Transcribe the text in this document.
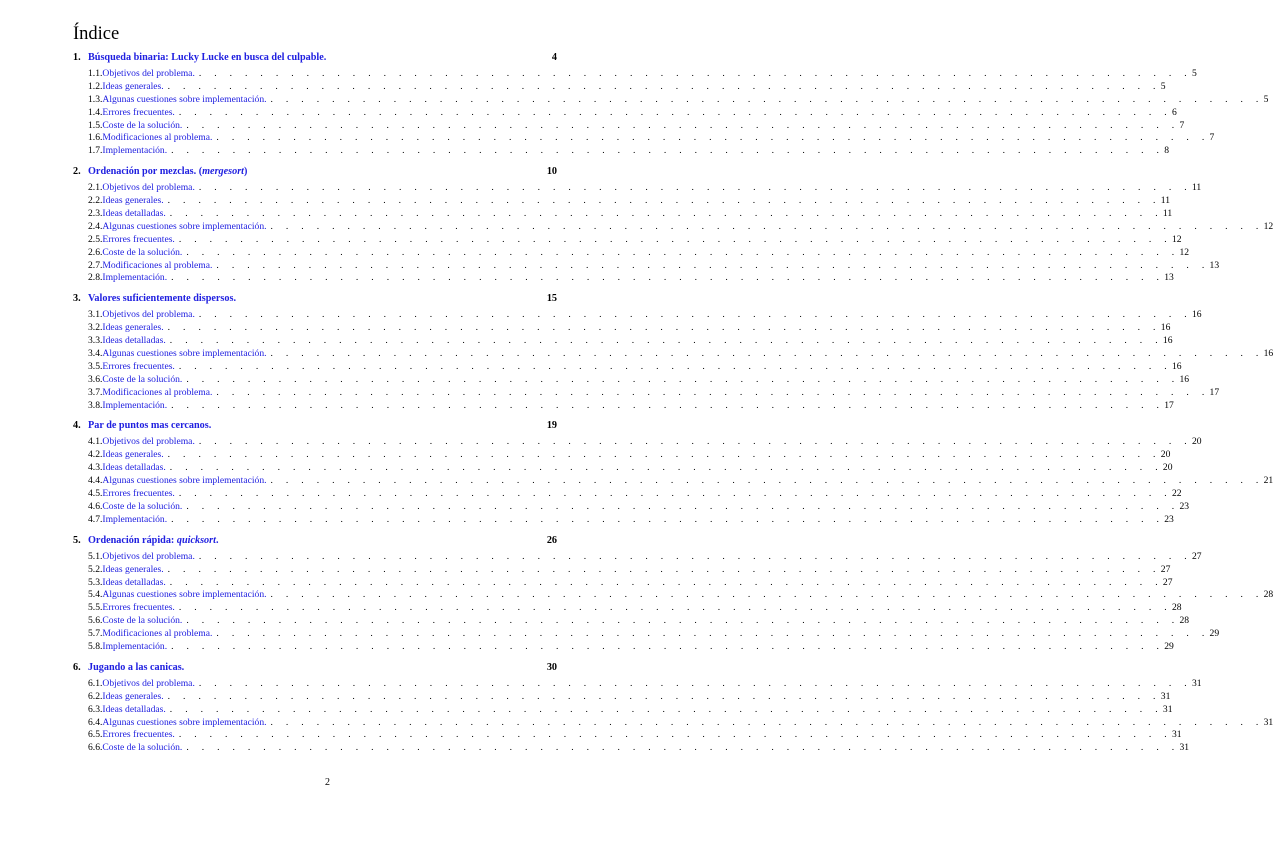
Índice
1. Búsqueda binaria: Lucky Lucke en busca del culpable.	4
1.1. Objetivos del problema. . . . . . . . . . . . . . . . . . . . . . . . . . . . . . . . . . . . . . . . . . . . . . . . . . . . . . . . . . . . . . . . . . 5
1.2. Ideas generales. . . . . . . . . . . . . . . . . . . . . . . . . . . . . . . . . . . . . . . . . . . . . . . . . . . . . . . . . . . . . . . . . . 5
1.3. Algunas cuestiones sobre implementación. . . . . . . . . . . . . . . . . . . . . . . . . . . . . . . . . . . . . . . . . . . . . . . . . . . . . . . . . . . . . . . . . . 5
1.4. Errores frecuentes. . . . . . . . . . . . . . . . . . . . . . . . . . . . . . . . . . . . . . . . . . . . . . . . . . . . . . . . . . . . . . . . . . 6
1.5. Coste de la solución. . . . . . . . . . . . . . . . . . . . . . . . . . . . . . . . . . . . . . . . . . . . . . . . . . . . . . . . . . . . . . . . . . 7
1.6. Modificaciones al problema. . . . . . . . . . . . . . . . . . . . . . . . . . . . . . . . . . . . . . . . . . . . . . . . . . . . . . . . . . . . . . . . . . 7
1.7. Implementación. . . . . . . . . . . . . . . . . . . . . . . . . . . . . . . . . . . . . . . . . . . . . . . . . . . . . . . . . . . . . . . . . . 8
2. Ordenación por mezclas. (mergesort)	10
2.1. Objetivos del problema. . . . . . . . . . . . . . . . . . . . . . . . . . . . . . . . . . . . . . . . . . . . . . . . . . . . . . . . . . . . . . . . . . 11
2.2. Ideas generales. . . . . . . . . . . . . . . . . . . . . . . . . . . . . . . . . . . . . . . . . . . . . . . . . . . . . . . . . . . . . . . . . . 11
2.3. Ideas detalladas. . . . . . . . . . . . . . . . . . . . . . . . . . . . . . . . . . . . . . . . . . . . . . . . . . . . . . . . . . . . . . . . . . 11
2.4. Algunas cuestiones sobre implementación. . . . . . . . . . . . . . . . . . . . . . . . . . . . . . . . . . . . . . . . . . . . . . . . . . . . . . . . . . . . . . . . . . 12
2.5. Errores frecuentes. . . . . . . . . . . . . . . . . . . . . . . . . . . . . . . . . . . . . . . . . . . . . . . . . . . . . . . . . . . . . . . . . . 12
2.6. Coste de la solución. . . . . . . . . . . . . . . . . . . . . . . . . . . . . . . . . . . . . . . . . . . . . . . . . . . . . . . . . . . . . . . . . . 12
2.7. Modificaciones al problema. . . . . . . . . . . . . . . . . . . . . . . . . . . . . . . . . . . . . . . . . . . . . . . . . . . . . . . . . . . . . . . . . . 13
2.8. Implementación. . . . . . . . . . . . . . . . . . . . . . . . . . . . . . . . . . . . . . . . . . . . . . . . . . . . . . . . . . . . . . . . . . 13
3. Valores suficientemente dispersos.	15
3.1. Objetivos del problema. . . . . . . . . . . . . . . . . . . . . . . . . . . . . . . . . . . . . . . . . . . . . . . . . . . . . . . . . . . . . . . . . . 16
3.2. Ideas generales. . . . . . . . . . . . . . . . . . . . . . . . . . . . . . . . . . . . . . . . . . . . . . . . . . . . . . . . . . . . . . . . . . 16
3.3. Ideas detalladas. . . . . . . . . . . . . . . . . . . . . . . . . . . . . . . . . . . . . . . . . . . . . . . . . . . . . . . . . . . . . . . . . . 16
3.4. Algunas cuestiones sobre implementación. . . . . . . . . . . . . . . . . . . . . . . . . . . . . . . . . . . . . . . . . . . . . . . . . . . . . . . . . . . . . . . . . . 16
3.5. Errores frecuentes. . . . . . . . . . . . . . . . . . . . . . . . . . . . . . . . . . . . . . . . . . . . . . . . . . . . . . . . . . . . . . . . . . 16
3.6. Coste de la solución. . . . . . . . . . . . . . . . . . . . . . . . . . . . . . . . . . . . . . . . . . . . . . . . . . . . . . . . . . . . . . . . . . 16
3.7. Modificaciones al problema. . . . . . . . . . . . . . . . . . . . . . . . . . . . . . . . . . . . . . . . . . . . . . . . . . . . . . . . . . . . . . . . . . 17
3.8. Implementación. . . . . . . . . . . . . . . . . . . . . . . . . . . . . . . . . . . . . . . . . . . . . . . . . . . . . . . . . . . . . . . . . . 17
4. Par de puntos mas cercanos.	19
4.1. Objetivos del problema. . . . . . . . . . . . . . . . . . . . . . . . . . . . . . . . . . . . . . . . . . . . . . . . . . . . . . . . . . . . . . . . . . 20
4.2. Ideas generales. . . . . . . . . . . . . . . . . . . . . . . . . . . . . . . . . . . . . . . . . . . . . . . . . . . . . . . . . . . . . . . . . . 20
4.3. Ideas detalladas. . . . . . . . . . . . . . . . . . . . . . . . . . . . . . . . . . . . . . . . . . . . . . . . . . . . . . . . . . . . . . . . . . 20
4.4. Algunas cuestiones sobre implementación. . . . . . . . . . . . . . . . . . . . . . . . . . . . . . . . . . . . . . . . . . . . . . . . . . . . . . . . . . . . . . . . . . 21
4.5. Errores frecuentes. . . . . . . . . . . . . . . . . . . . . . . . . . . . . . . . . . . . . . . . . . . . . . . . . . . . . . . . . . . . . . . . . . 22
4.6. Coste de la solución. . . . . . . . . . . . . . . . . . . . . . . . . . . . . . . . . . . . . . . . . . . . . . . . . . . . . . . . . . . . . . . . . . 23
4.7. Implementación. . . . . . . . . . . . . . . . . . . . . . . . . . . . . . . . . . . . . . . . . . . . . . . . . . . . . . . . . . . . . . . . . . 23
5. Ordenación rápida: quicksort.	26
5.1. Objetivos del problema. . . . . . . . . . . . . . . . . . . . . . . . . . . . . . . . . . . . . . . . . . . . . . . . . . . . . . . . . . . . . . . . . . 27
5.2. Ideas generales. . . . . . . . . . . . . . . . . . . . . . . . . . . . . . . . . . . . . . . . . . . . . . . . . . . . . . . . . . . . . . . . . . 27
5.3. Ideas detalladas. . . . . . . . . . . . . . . . . . . . . . . . . . . . . . . . . . . . . . . . . . . . . . . . . . . . . . . . . . . . . . . . . . 27
5.4. Algunas cuestiones sobre implementación. . . . . . . . . . . . . . . . . . . . . . . . . . . . . . . . . . . . . . . . . . . . . . . . . . . . . . . . . . . . . . . . . . 28
5.5. Errores frecuentes. . . . . . . . . . . . . . . . . . . . . . . . . . . . . . . . . . . . . . . . . . . . . . . . . . . . . . . . . . . . . . . . . . 28
5.6. Coste de la solución. . . . . . . . . . . . . . . . . . . . . . . . . . . . . . . . . . . . . . . . . . . . . . . . . . . . . . . . . . . . . . . . . . 28
5.7. Modificaciones al problema. . . . . . . . . . . . . . . . . . . . . . . . . . . . . . . . . . . . . . . . . . . . . . . . . . . . . . . . . . . . . . . . . . 29
5.8. Implementación. . . . . . . . . . . . . . . . . . . . . . . . . . . . . . . . . . . . . . . . . . . . . . . . . . . . . . . . . . . . . . . . . . 29
6. Jugando a las canicas.	30
6.1. Objetivos del problema. . . . . . . . . . . . . . . . . . . . . . . . . . . . . . . . . . . . . . . . . . . . . . . . . . . . . . . . . . . . . . . . . . 31
6.2. Ideas generales. . . . . . . . . . . . . . . . . . . . . . . . . . . . . . . . . . . . . . . . . . . . . . . . . . . . . . . . . . . . . . . . . . 31
6.3. Ideas detalladas. . . . . . . . . . . . . . . . . . . . . . . . . . . . . . . . . . . . . . . . . . . . . . . . . . . . . . . . . . . . . . . . . . 31
6.4. Algunas cuestiones sobre implementación. . . . . . . . . . . . . . . . . . . . . . . . . . . . . . . . . . . . . . . . . . . . . . . . . . . . . . . . . . . . . . . . . . 31
6.5. Errores frecuentes. . . . . . . . . . . . . . . . . . . . . . . . . . . . . . . . . . . . . . . . . . . . . . . . . . . . . . . . . . . . . . . . . . 31
6.6. Coste de la solución. . . . . . . . . . . . . . . . . . . . . . . . . . . . . . . . . . . . . . . . . . . . . . . . . . . . . . . . . . . . . . . . . . 31
2
